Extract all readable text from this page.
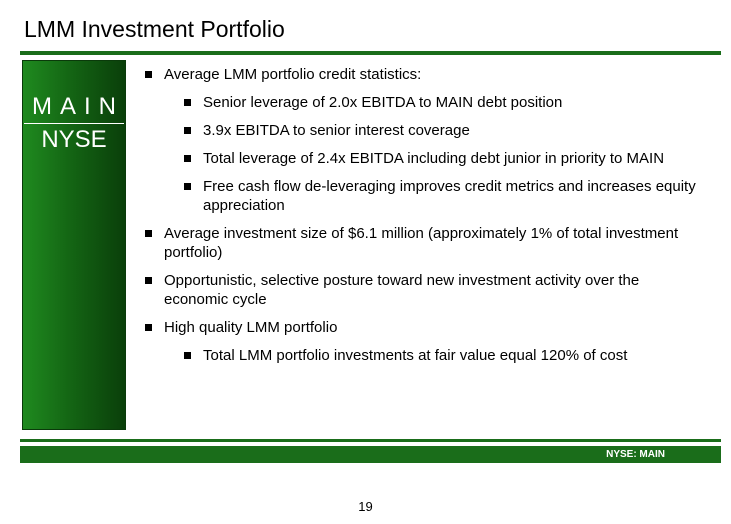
LMM Investment Portfolio
MAIN
NYSE
Average LMM portfolio credit statistics:
Senior leverage of 2.0x EBITDA to MAIN debt position
3.9x EBITDA to senior interest coverage
Total leverage of 2.4x EBITDA including debt junior in priority to MAIN
Free cash flow de-leveraging improves credit metrics and increases equity appreciation
Average investment size of $6.1 million (approximately 1% of total investment portfolio)
Opportunistic, selective posture toward new investment activity over the economic cycle
High quality LMM portfolio
Total LMM portfolio investments at fair value equal 120% of cost
NYSE: MAIN
19
